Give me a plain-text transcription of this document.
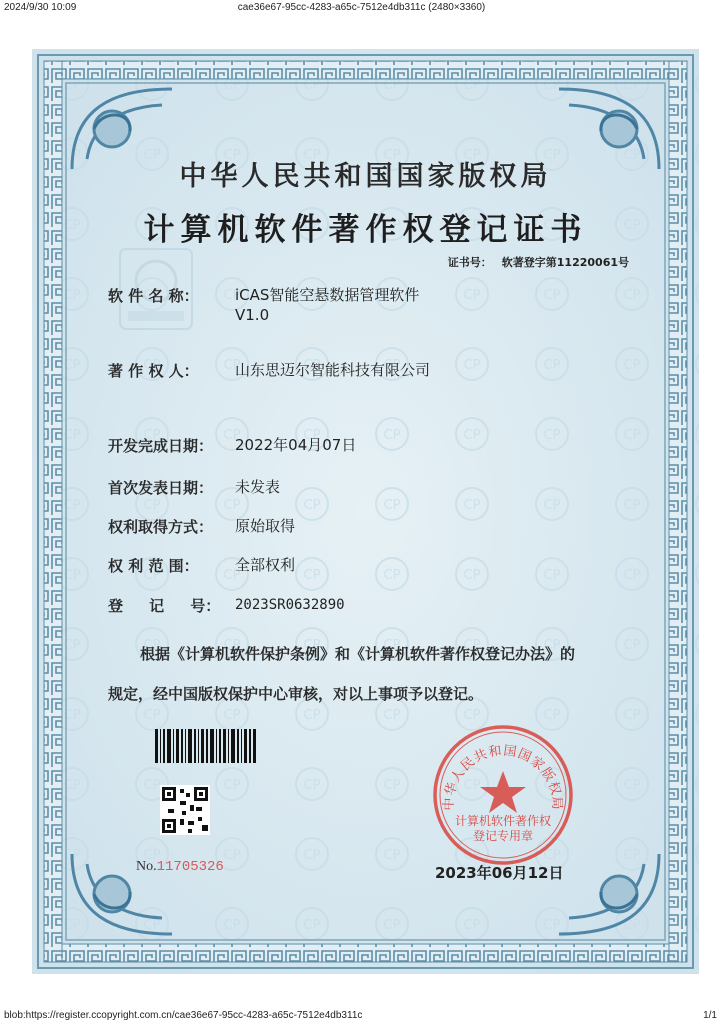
2024/9/30 10:09	cae36e67-95cc-4283-a65c-7512e4db311c (2480×3360)
中华人民共和国国家版权局
计算机软件著作权登记证书
证书号： 软著登字第11220061号
软 件 名 称：	iCAS智能空悬数据管理软件
V1.0
著 作 权 人：	山东思迈尔智能科技有限公司
开发完成日期：	2022年04月07日
首次发表日期：	未发表
权利取得方式：	原始取得
权 利 范 围：	全部权利
登     记     号：	2023SR0632890
根据《计算机软件保护条例》和《计算机软件著作权登记办法》的
规定，经中国版权保护中心审核，对以上事项予以登记。
中华人民共和国国家版权局
计算机软件著作权
登记专用章
No.11705326	2023年06月12日
blob:https://register.ccopyright.com.cn/cae36e67-95cc-4283-a65c-7512e4db311c	1/1
